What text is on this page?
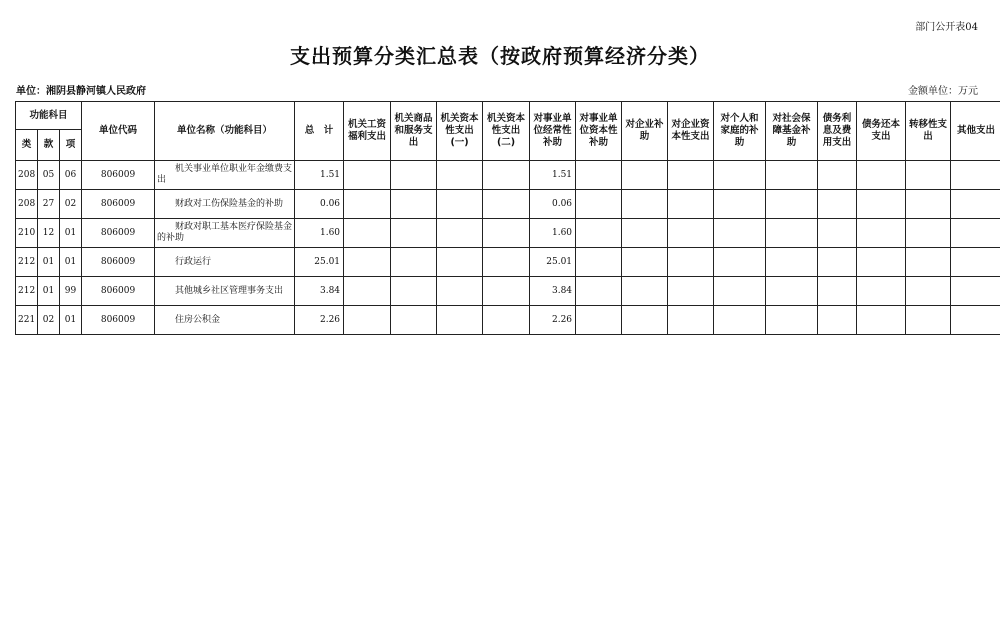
部门公开表04
支出预算分类汇总表（按政府预算经济分类）
单位：湘阴县静河镇人民政府	金额单位：万元
功能科目			单位代码	单位名称（功能科目）	总　计	机关工资福利支出	机关商品和服务支出	机关资本性支出(一)	机关资本性支出(二)	对事业单位经常性补助	对事业单位资本性补助	对企业补助	对企业资本性支出	对个人和家庭的补助	对社会保障基金补助	债务利息及费用支出	债务还本支出	转移性支出	其他支出
类	款	项																	
208	05	06	806009	机关事业单位职业年金缴费支出	1.51					1.51									
208	27	02	806009	财政对工伤保险基金的补助	0.06					0.06									
210	12	01	806009	财政对职工基本医疗保险基金的补助	1.60					1.60									
212	01	01	806009	行政运行	25.01					25.01									
212	01	99	806009	其他城乡社区管理事务支出	3.84					3.84									
221	02	01	806009	住房公积金	2.26					2.26									
